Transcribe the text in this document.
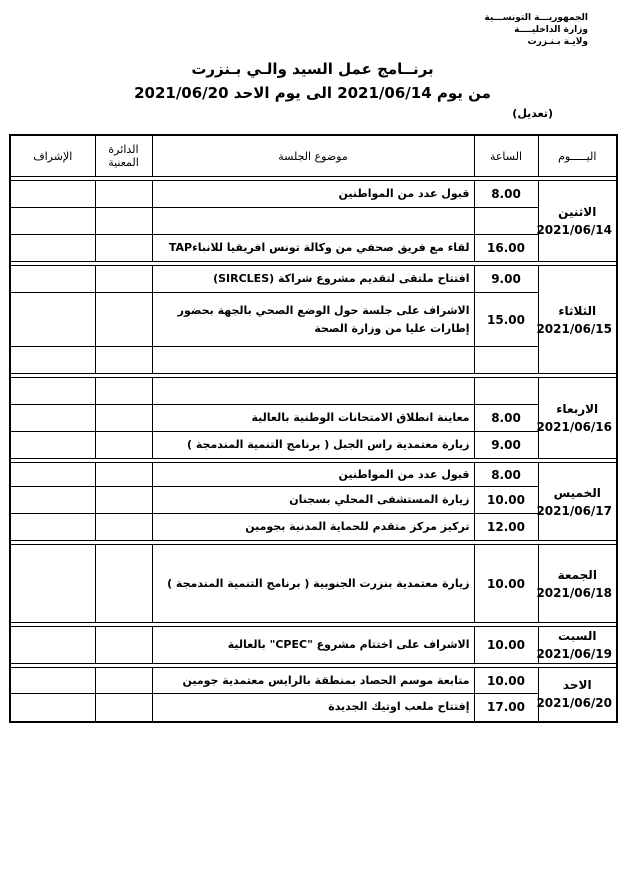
الجمهوريـــة التونســـية
وزارة الداخليــــة
ولايـة بـنـزرت
برنــامج عمل السيد والـي بـنزرت
من يوم 2021/06/14 الى يوم الاحد 2021/06/20
(تعديل)
اليـــــوم	الساعة	موضوع الجلسة	الدائرة المعنية	الإشراف

الاثنين
2021/06/14	8.00	قبول عدد من المواطنين		

	16.00	لقاء مع فريق صحفي من وكالة تونس افريقيا للانباءTAP		

الثلاثاء
2021/06/15	9.00	افتتاح ملتقى لتقديم مشروع شراكة (SIRCLES)		
	15.00	الاشراف على جلسة حول الوضع الصحي بالجهة بحضور إطارات عليا من وزارة الصحة		

الاربعاء
2021/06/16				

	8.00	معاينة انطلاق الامتحانات الوطنية بالعالية		
	9.00	زيارة معتمدية راس الجبل ( برنامج التنمية المندمجة )		

الخميس
2021/06/17	8.00	قبول عدد من المواطنين		
	10.00	زيارة المستشفى المحلي بسجنان		
	12.00	تركيز مركز متقدم للحماية المدنية بجومين		

الجمعة
2021/06/18	10.00	زيارة معتمدية بنزرت الجنوبية ( برنامج التنمية المندمجة )		

السبت
2021/06/19	10.00	الاشراف على اختتام مشروع "CPEC" بالعالية		

الاحد
2021/06/20	10.00	متابعة موسم الحصاد بمنطقة بالرايس معتمدية جومين		
	17.00	إفتتاح ملعب اوتيك الجديدة		
